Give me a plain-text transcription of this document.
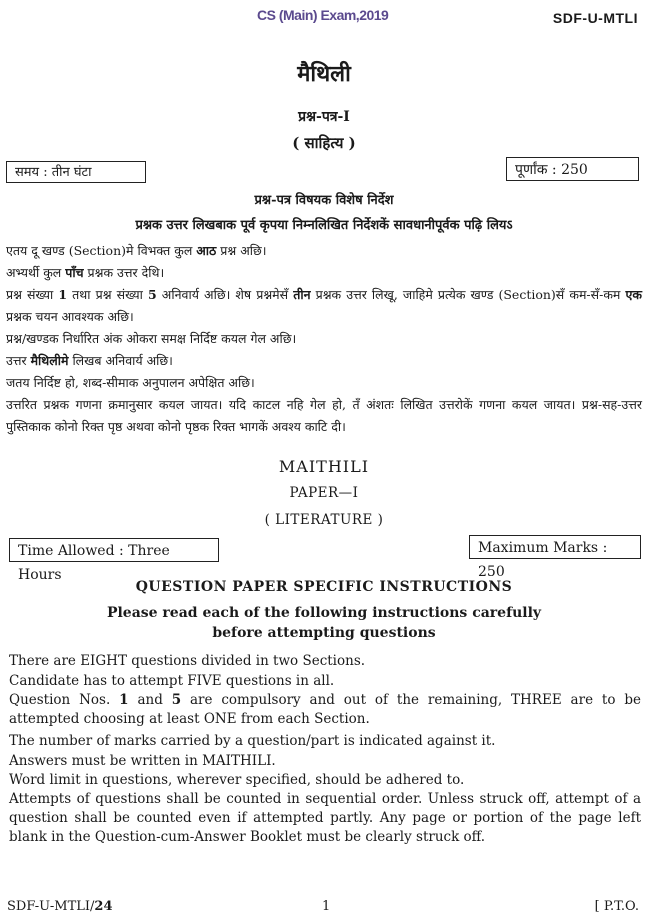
CS (Main) Exam,2019	SDF-U-MTLI
मैथिली
प्रश्न-पत्र-I
( साहित्य )
समय : तीन घंटा	पूर्णांक : 250
प्रश्न-पत्र विषयक विशेष निर्देश
प्रश्नक उत्तर लिखबाक पूर्व कृपया निम्नलिखित निर्देशकें सावधानीपूर्वक पढ़ि लियऽ
एतय दू खण्ड (Section)मे विभक्त कुल आठ प्रश्न अछि।
अभ्यर्थी कुल पाँच प्रश्नक उत्तर देथि।
प्रश्न संख्या 1 तथा प्रश्न संख्या 5 अनिवार्य अछि। शेष प्रश्नमेसँ तीन प्रश्नक उत्तर लिखू, जाहिमे प्रत्येक खण्ड (Section)सँ कम-सँ-कम एक प्रश्नक चयन आवश्यक अछि।
प्रश्न/खण्डक निर्धारित अंक ओकरा समक्ष निर्दिष्ट कयल गेल अछि।
उत्तर मैथिलीमे लिखब अनिवार्य अछि।
जतय निर्दिष्ट हो, शब्द-सीमाक अनुपालन अपेक्षित अछि।
उत्तरित प्रश्नक गणना क्रमानुसार कयल जायत। यदि काटल नहि गेल हो, तँ अंशतः लिखित उत्तरोकें गणना कयल जायत। प्रश्न-सह-उत्तर पुस्तिकाक कोनो रिक्त पृष्ठ अथवा कोनो पृष्ठक रिक्त भागकें अवश्य काटि दी।
MAITHILI
PAPER—I
( LITERATURE )
Time Allowed : Three Hours
Maximum Marks : 250
QUESTION PAPER SPECIFIC INSTRUCTIONS
Please read each of the following instructions carefully
before attempting questions
There are EIGHT questions divided in two Sections.
Candidate has to attempt FIVE questions in all.
Question Nos. 1 and 5 are compulsory and out of the remaining, THREE are to be attempted choosing at least ONE from each Section.
The number of marks carried by a question/part is indicated against it.
Answers must be written in MAITHILI.
Word limit in questions, wherever specified, should be adhered to.
Attempts of questions shall be counted in sequential order. Unless struck off, attempt of a question shall be counted even if attempted partly. Any page or portion of the page left blank in the Question-cum-Answer Booklet must be clearly struck off.
SDF-U-MTLI/24	1	[ P.T.O.
